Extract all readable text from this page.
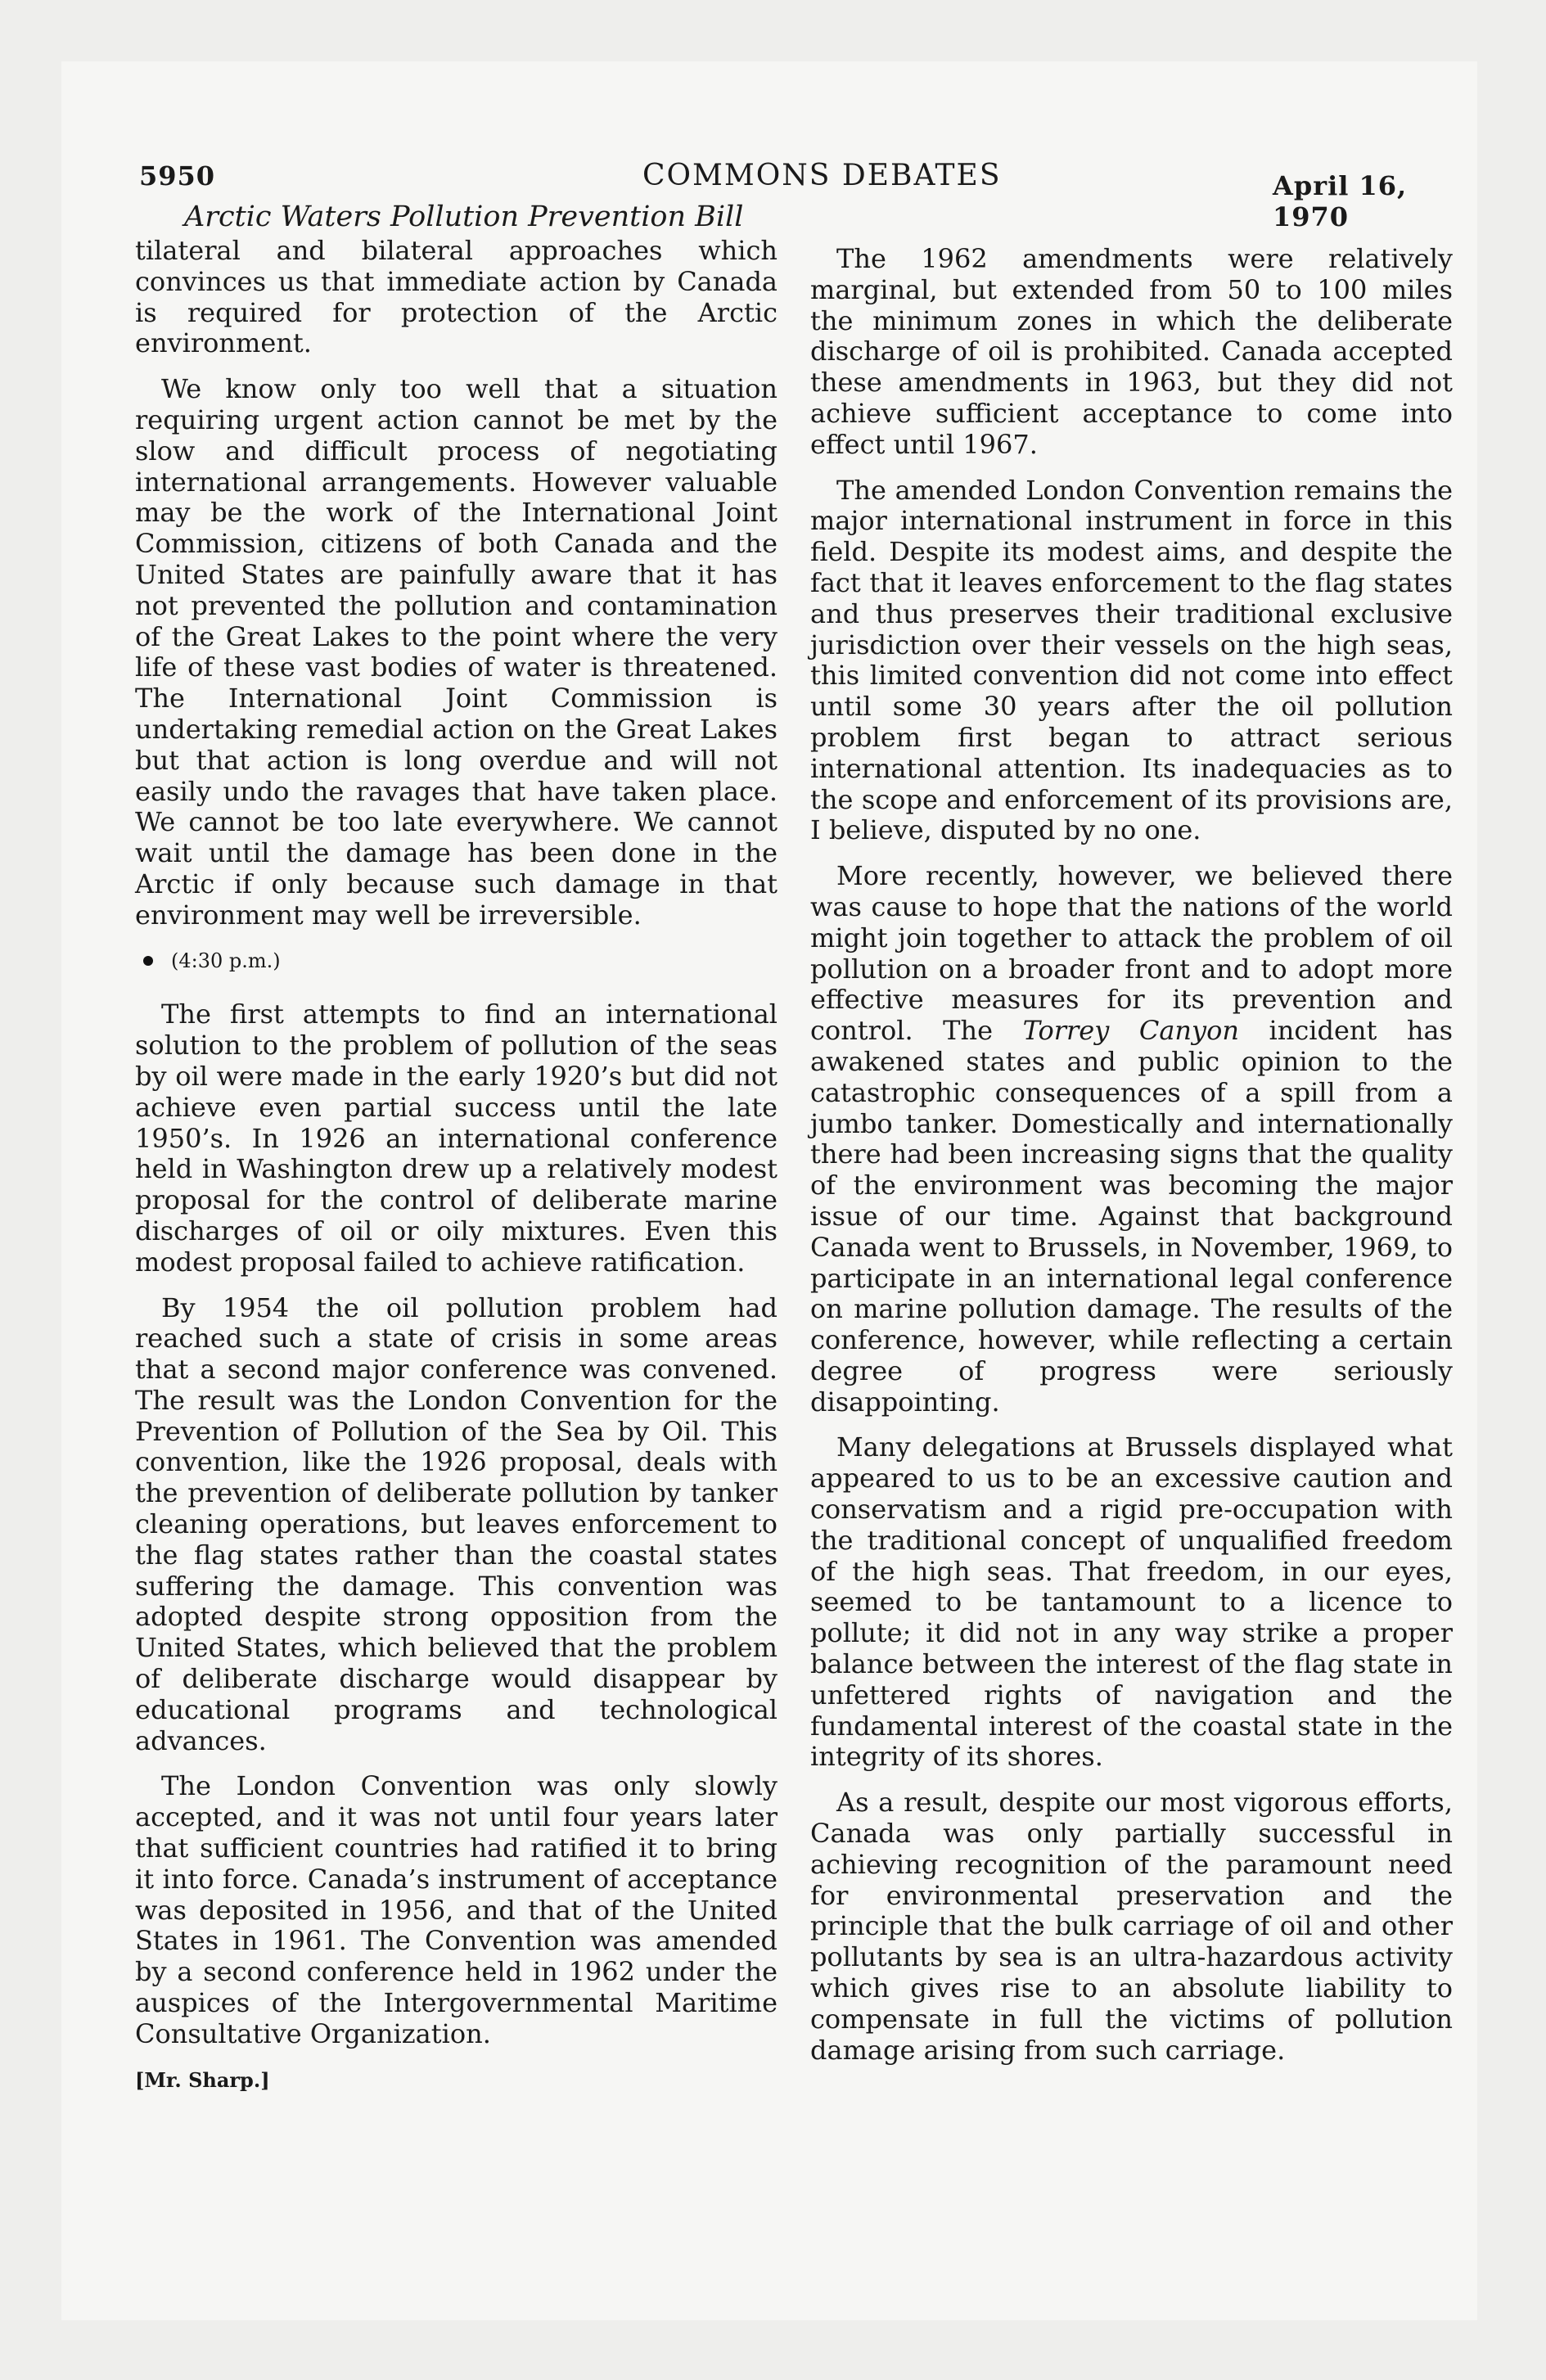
5950	COMMONS DEBATES	April 16, 1970
Arctic Waters Pollution Prevention Bill

tilateral and bilateral approaches which convinces us that immediate action by Canada is required for protection of the Arctic environment.

We know only too well that a situation requiring urgent action cannot be met by the slow and difficult process of negotiating international arrangements. However valuable may be the work of the International Joint Commission, citizens of both Canada and the United States are painfully aware that it has not prevented the pollution and contamination of the Great Lakes to the point where the very life of these vast bodies of water is threatened. The International Joint Commission is undertaking remedial action on the Great Lakes but that action is long overdue and will not easily undo the ravages that have taken place. We cannot be too late everywhere. We cannot wait until the damage has been done in the Arctic if only because such damage in that environment may well be irreversible.

(4:30 p.m.)

The first attempts to find an international solution to the problem of pollution of the seas by oil were made in the early 1920’s but did not achieve even partial success until the late 1950’s. In 1926 an international conference held in Washington drew up a relatively modest proposal for the control of deliberate marine discharges of oil or oily mixtures. Even this modest proposal failed to achieve ratification.

By 1954 the oil pollution problem had reached such a state of crisis in some areas that a second major conference was convened. The result was the London Convention for the Prevention of Pollution of the Sea by Oil. This convention, like the 1926 proposal, deals with the prevention of deliberate pollution by tanker cleaning operations, but leaves enforcement to the flag states rather than the coastal states suffering the damage. This convention was adopted despite strong opposition from the United States, which believed that the problem of deliberate discharge would disappear by educational programs and technological advances.

The London Convention was only slowly accepted, and it was not until four years later that sufficient countries had ratified it to bring it into force. Canada’s instrument of acceptance was deposited in 1956, and that of the United States in 1961. The Convention was amended by a second conference held in 1962 under the auspices of the Intergovernmental Maritime Consultative Organization.

[Mr. Sharp.]

The 1962 amendments were relatively marginal, but extended from 50 to 100 miles the minimum zones in which the deliberate discharge of oil is prohibited. Canada accepted these amendments in 1963, but they did not achieve sufficient acceptance to come into effect until 1967.

The amended London Convention remains the major international instrument in force in this field. Despite its modest aims, and despite the fact that it leaves enforcement to the flag states and thus preserves their traditional exclusive jurisdiction over their vessels on the high seas, this limited convention did not come into effect until some 30 years after the oil pollution problem first began to attract serious international attention. Its inadequacies as to the scope and enforcement of its provisions are, I believe, disputed by no one.

More recently, however, we believed there was cause to hope that the nations of the world might join together to attack the problem of oil pollution on a broader front and to adopt more effective measures for its prevention and control. The Torrey Canyon incident has awakened states and public opinion to the catastrophic consequences of a spill from a jumbo tanker. Domestically and internationally there had been increasing signs that the quality of the environment was becoming the major issue of our time. Against that background Canada went to Brussels, in November, 1969, to participate in an international legal conference on marine pollution damage. The results of the conference, however, while reflecting a certain degree of progress were seriously disappointing.

Many delegations at Brussels displayed what appeared to us to be an excessive caution and conservatism and a rigid pre-occupation with the traditional concept of unqualified freedom of the high seas. That freedom, in our eyes, seemed to be tantamount to a licence to pollute; it did not in any way strike a proper balance between the interest of the flag state in unfettered rights of navigation and the fundamental interest of the coastal state in the integrity of its shores.

As a result, despite our most vigorous efforts, Canada was only partially successful in achieving recognition of the paramount need for environmental preservation and the principle that the bulk carriage of oil and other pollutants by sea is an ultra-hazardous activity which gives rise to an absolute liability to compensate in full the victims of pollution damage arising from such carriage.
